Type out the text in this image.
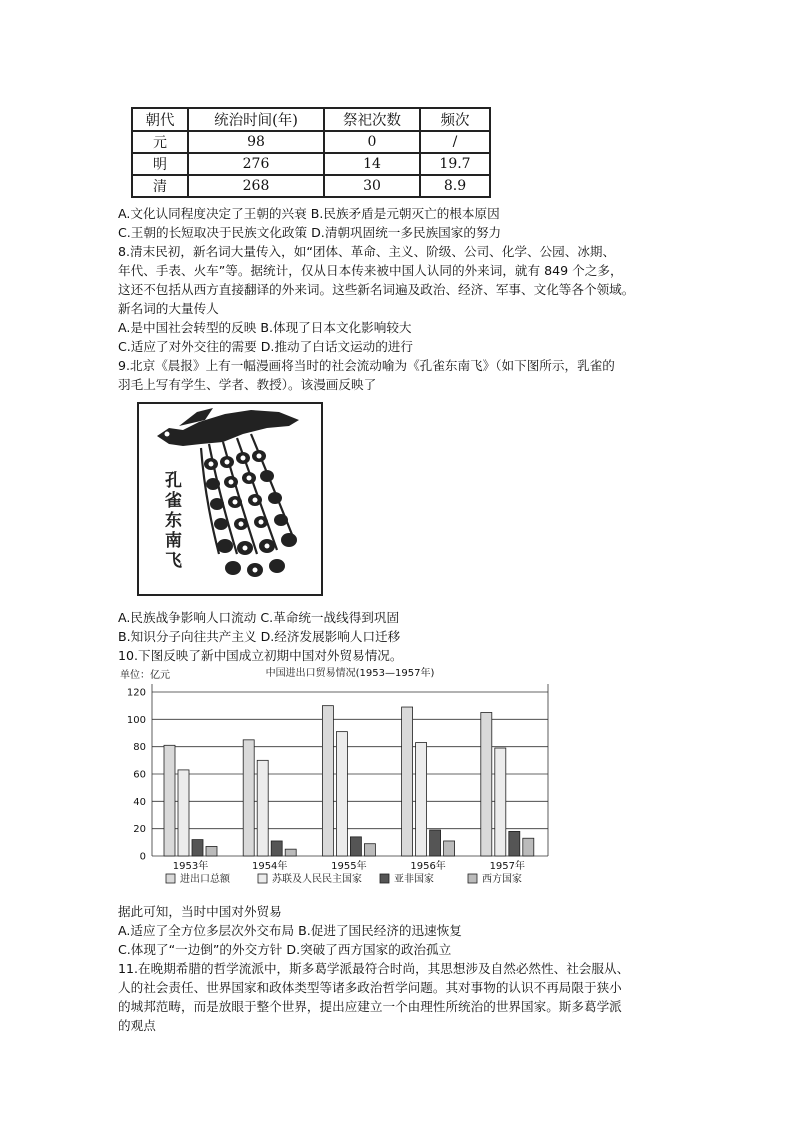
朝代	统治时间(年)	祭祀次数	频次
元	98	0	/
明	276	14	19.7
清	268	30	8.9
A.文化认同程度决定了王朝的兴衰 B.民族矛盾是元朝灭亡的根本原因
C.王朝的长短取决于民族文化政策 D.清朝巩固统一多民族国家的努力
8.清末民初，新名词大量传入，如“团体、革命、主义、阶级、公司、化学、公园、冰期、
年代、手表、火车”等。据统计，仅从日本传来被中国人认同的外来词，就有 849 个之多，
这还不包括从西方直接翻译的外来词。这些新名词遍及政治、经济、军事、文化等各个领域。
新名词的大量传人
A.是中国社会转型的反映 B.体现了日本文化影响较大
C.适应了对外交往的需要 D.推动了白话文运动的进行
9.北京《晨报》上有一幅漫画将当时的社会流动喻为《孔雀东南飞》（如下图所示，乳雀的
羽毛上写有学生、学者、教授）。该漫画反映了
孔
雀
东
南
飞
A.民族战争影响人口流动 C.革命统一战线得到巩固
B.知识分子向往共产主义 D.经济发展影响人口迁移
10.下图反映了新中国成立初期中国对外贸易情况。
单位：亿元	中国进出口贸易情况(1953—1957年)
0
20
40
60
80
100
120
1953年	1954年	1955年	1956年	1957年
进出口总额	苏联及人民民主国家	亚非国家	西方国家
据此可知，当时中国对外贸易
A.适应了全方位多层次外交布局 B.促进了国民经济的迅速恢复
C.体现了“一边倒”的外交方针 D.突破了西方国家的政治孤立
11.在晚期希腊的哲学流派中，斯多葛学派最符合时尚，其思想涉及自然必然性、社会服从、
人的社会责任、世界国家和政体类型等诸多政治哲学问题。其对事物的认识不再局限于狭小
的城邦范畴，而是放眼于整个世界，提出应建立一个由理性所统治的世界国家。斯多葛学派
的观点
